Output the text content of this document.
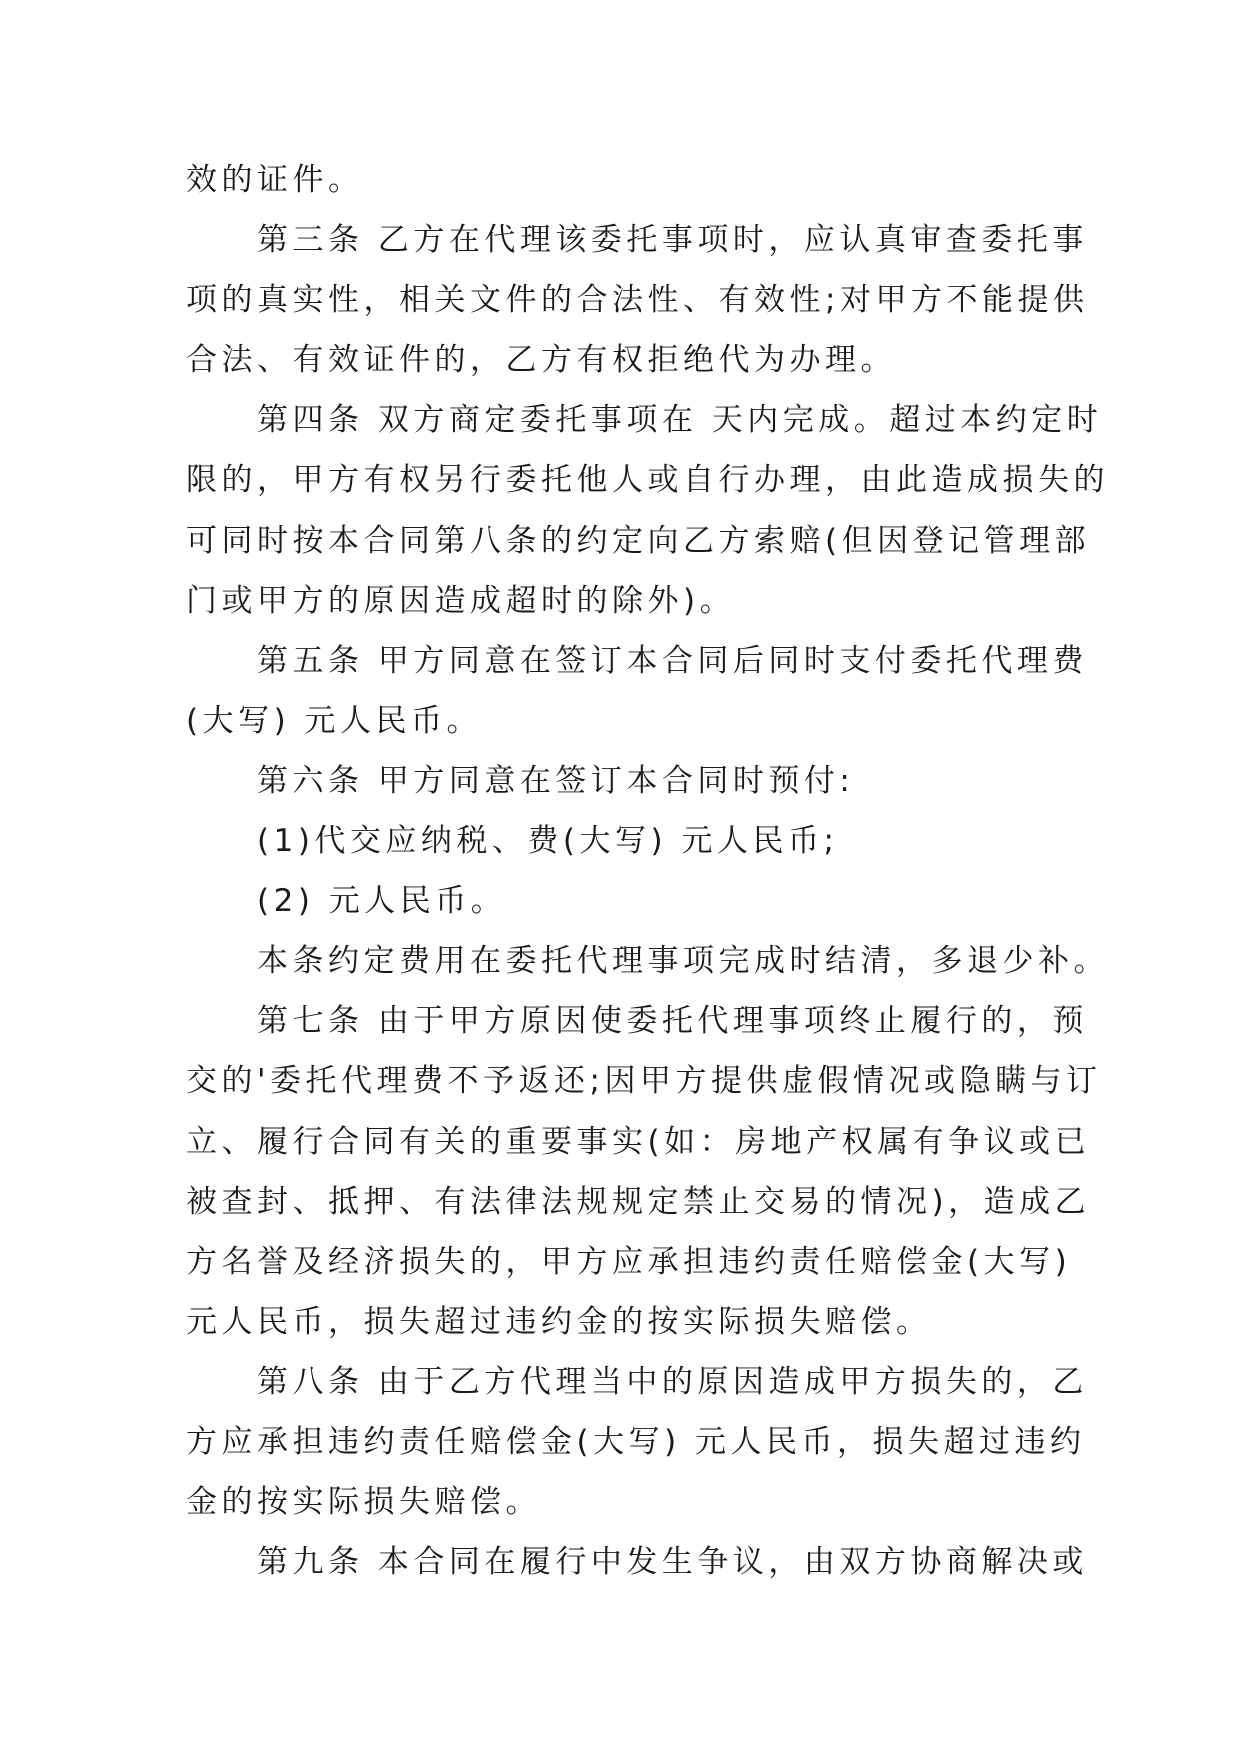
效的证件。
第三条 乙方在代理该委托事项时，应认真审查委托事
项的真实性，相关文件的合法性、有效性;对甲方不能提供
合法、有效证件的，乙方有权拒绝代为办理。
第四条 双方商定委托事项在 天内完成。超过本约定时
限的，甲方有权另行委托他人或自行办理，由此造成损失的
可同时按本合同第八条的约定向乙方索赔(但因登记管理部
门或甲方的原因造成超时的除外)。
第五条 甲方同意在签订本合同后同时支付委托代理费
(大写) 元人民币。
第六条 甲方同意在签订本合同时预付:
(1)代交应纳税、费(大写) 元人民币;
(2) 元人民币。
本条约定费用在委托代理事项完成时结清，多退少补。
第七条 由于甲方原因使委托代理事项终止履行的，预
交的'委托代理费不予返还;因甲方提供虚假情况或隐瞒与订
立、履行合同有关的重要事实(如：房地产权属有争议或已
被查封、抵押、有法律法规规定禁止交易的情况)，造成乙
方名誉及经济损失的，甲方应承担违约责任赔偿金(大写)
元人民币，损失超过违约金的按实际损失赔偿。
第八条 由于乙方代理当中的原因造成甲方损失的，乙
方应承担违约责任赔偿金(大写) 元人民币，损失超过违约
金的按实际损失赔偿。
第九条 本合同在履行中发生争议，由双方协商解决或
